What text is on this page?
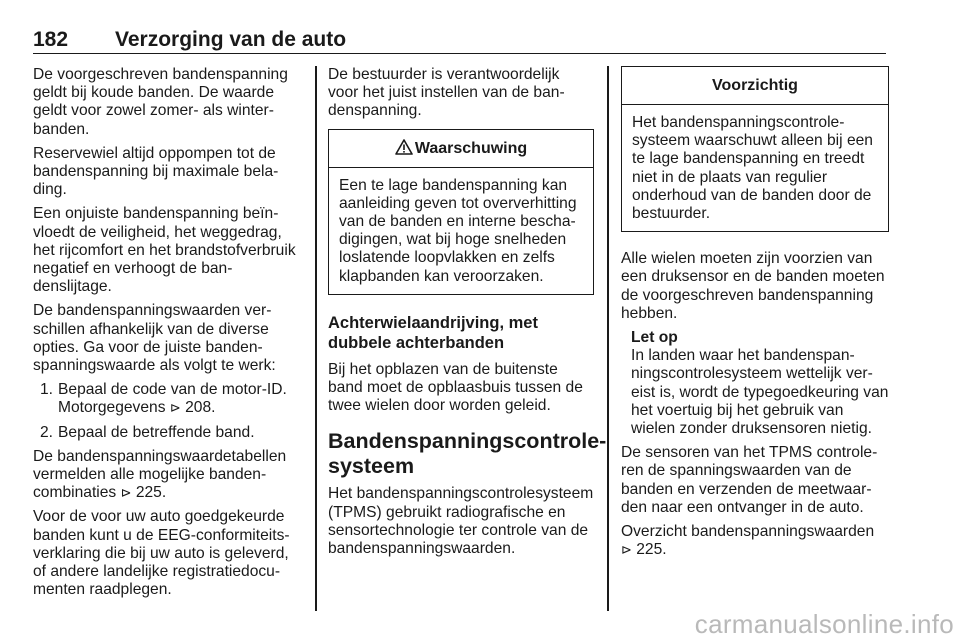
182 Verzorging van de auto

De voorgeschreven bandenspanning geldt bij koude banden. De waarde geldt voor zowel zomer- als winterbanden.

Reservewiel altijd oppompen tot de bandenspanning bij maximale belading.

Een onjuiste bandenspanning beïnvloedt de veiligheid, het weggedrag, het rijcomfort en het brandstofverbruik negatief en verhoogt de bandenslijtage.

De bandenspanningswaarden verschillen afhankelijk van de diverse opties. Ga voor de juiste bandenspanningswaarde als volgt te werk:

1. Bepaal de code van de motor-ID. Motorgegevens ⊳ 208.
2. Bepaal de betreffende band.

De bandenspanningswaardetabellen vermelden alle mogelijke bandencombinaties ⊳ 225.

Voor de voor uw auto goedgekeurde banden kunt u de EEG-conformiteitsverklaring die bij uw auto is geleverd, of andere landelijke registratiedocumenten raadplegen.

De bestuurder is verantwoordelijk voor het juist instellen van de bandenspanning.

Waarschuwing
Een te lage bandenspanning kan aanleiding geven tot oververhitting van de banden en interne beschadigingen, wat bij hoge snelheden loslatende loopvlakken en zelfs klapbanden kan veroorzaken.
Achterwielaandrijving, met dubbele achterbanden

Bij het opblazen van de buitenste band moet de opblaasbuis tussen de twee wielen door worden geleid.

Bandenspanningscontrolesysteem

Het bandenspanningscontrolesysteem (TPMS) gebruikt radiografische en sensortechnologie ter controle van de bandenspanningswaarden.

Voorzichtig
Het bandenspanningscontrolesysteem waarschuwt alleen bij een te lage bandenspanning en treedt niet in de plaats van regulier onderhoud van de banden door de bestuurder.

Alle wielen moeten zijn voorzien van een druksensor en de banden moeten de voorgeschreven bandenspanning hebben.

Let op
In landen waar het bandenspanningscontrolesysteem wettelijk vereist is, wordt de typegoedkeuring van het voertuig bij het gebruik van wielen zonder druksensoren nietig.

De sensoren van het TPMS controleren de spanningswaarden van de banden en verzenden de meetwaarden naar een ontvanger in de auto.

Overzicht bandenspanningswaarden
⊳ 225.

carmanualsonline.info
